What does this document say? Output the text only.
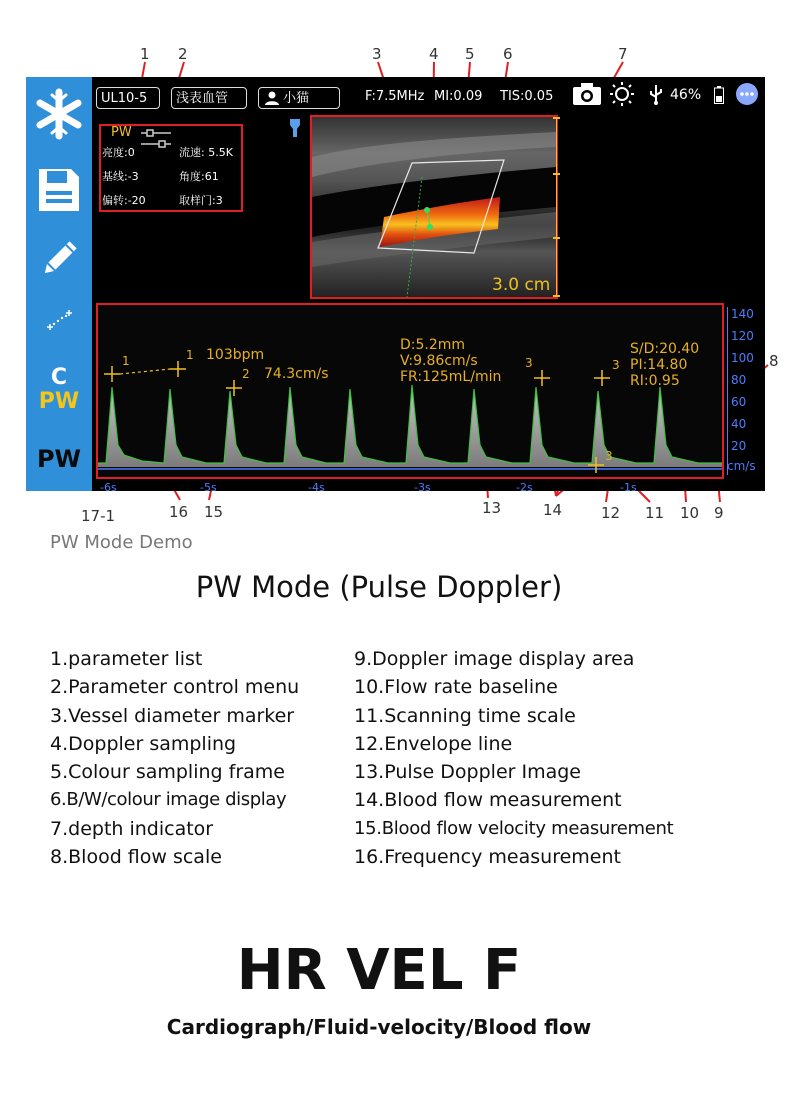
1 2	3	4 5 6	7
8
9
10
11
12
13	14
15
16
17-1
C
PW
PW
UL10-5	浅表血管	小猫	F:7.5MHz MI:0.09 TIS:0.05	46%
PW
亮度:0	流速: 5.5K
基线:-3	角度:61
偏转:-20	取样门:3
3.0 cm
1	1 103bpm
2 74.3cm/s
D:5.2mm
V:9.86cm/s
FR:125mL/min
3	3
3
S/D:20.40
PI:14.80
RI:0.95
140
120
100
80
60
40
20
cm/s
-6s	-5s	-4s	-3s	-2s	-1s
PW Mode Demo
PW Mode (Pulse Doppler)
1.parameter list
2.Parameter control menu
3.Vessel diameter marker
4.Doppler sampling
5.Colour sampling frame
6.B/W/colour image display
7.depth indicator
8.Blood flow scale
9.Doppler image display area
10.Flow rate baseline
11.Scanning time scale
12.Envelope line
13.Pulse Doppler Image
14.Blood flow measurement
15.Blood flow velocity measurement
16.Frequency measurement
HR VEL F
Cardiograph/Fluid-velocity/Blood flow
